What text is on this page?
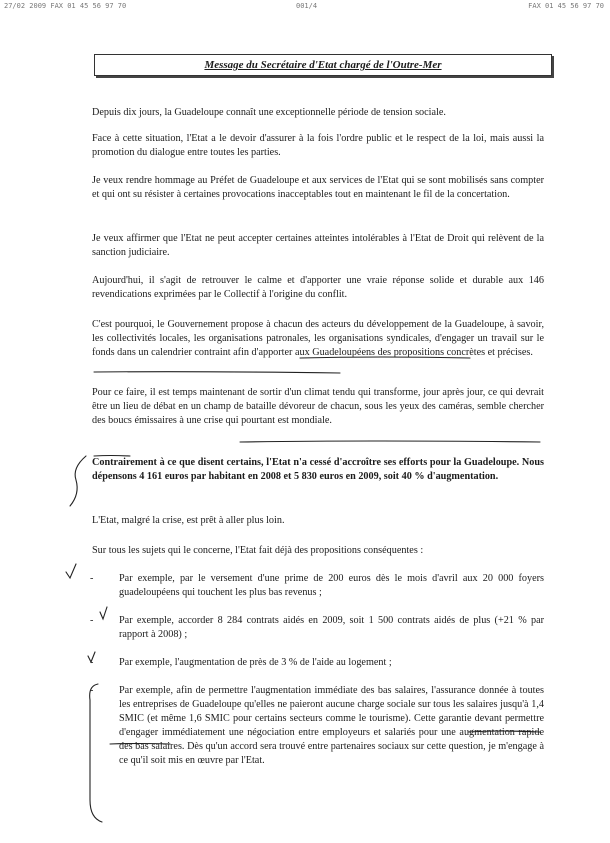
27/02 2009 FAX 01 45 56 97 70	001/4	FAX 01 45 56 97 70
Message du Secrétaire d'Etat chargé de l'Outre-Mer
Depuis dix jours, la Guadeloupe connaît une exceptionnelle période de tension sociale.
Face à cette situation, l'Etat a le devoir d'assurer à la fois l'ordre public et le respect de la loi, mais aussi la promotion du dialogue entre toutes les parties.
Je veux rendre hommage au Préfet de Guadeloupe et aux services de l'Etat qui se sont mobilisés sans compter et qui ont su résister à certaines provocations inacceptables tout en maintenant le fil de la concertation.
Je veux affirmer que l'Etat ne peut accepter certaines atteintes intolérables à l'Etat de Droit qui relèvent de la sanction judiciaire.
Aujourd'hui, il s'agit de retrouver le calme et d'apporter une vraie réponse solide et durable aux 146 revendications exprimées par le Collectif à l'origine du conflit.
C'est pourquoi, le Gouvernement propose à chacun des acteurs du développement de la Guadeloupe, à savoir, les collectivités locales, les organisations patronales, les organisations syndicales, d'engager un travail sur le fonds dans un calendrier contraint afin d'apporter aux Guadeloupéens des propositions concrètes et précises.
Pour ce faire, il est temps maintenant de sortir d'un climat tendu qui transforme, jour après jour, ce qui devrait être un lieu de débat en un champ de bataille dévoreur de chacun, sous les yeux des caméras, semble chercher des boucs émissaires à une crise qui pourtant est mondiale.
Contrairement à ce que disent certains, l'Etat n'a cessé d'accroître ses efforts pour la Guadeloupe. Nous dépensons 4 161 euros par habitant en 2008 et 5 830 euros en 2009, soit 40 % d'augmentation.
L'Etat, malgré la crise, est prêt à aller plus loin.
Sur tous les sujets qui le concerne, l'Etat fait déjà des propositions conséquentes :
-	Par exemple, par le versement d'une prime de 200 euros dès le mois d'avril aux 20 000 foyers guadeloupéens qui touchent les plus bas revenus ;
-	Par exemple, accorder 8 284 contrats aidés en 2009, soit 1 500 contrats aidés de plus (+21 % par rapport à 2008) ;
-	Par exemple, l'augmentation de près de 3 % de l'aide au logement ;
-	Par exemple, afin de permettre l'augmentation immédiate des bas salaires, l'assurance donnée à toutes les entreprises de Guadeloupe qu'elles ne paieront aucune charge sociale sur tous les salaires jusqu'à 1,4 SMIC (et même 1,6 SMIC pour certains secteurs comme le tourisme). Cette garantie devant permettre d'engager immédiatement une négociation entre employeurs et salariés pour une augmentation rapide des bas salaires. Dès qu'un accord sera trouvé entre partenaires sociaux sur cette question, je m'engage à ce qu'il soit mis en œuvre par l'Etat.
